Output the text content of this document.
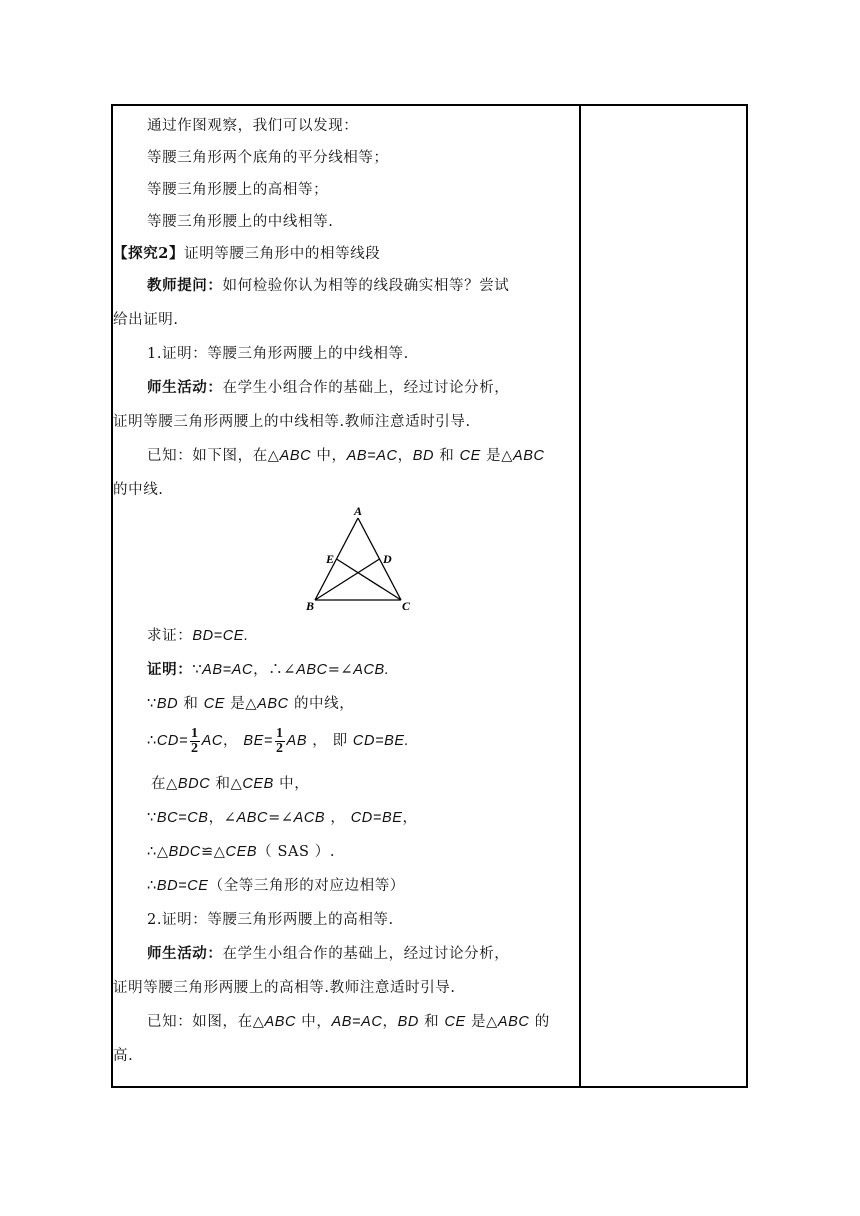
通过作图观察，我们可以发现：
等腰三角形两个底角的平分线相等；
等腰三角形腰上的高相等；
等腰三角形腰上的中线相等.
【探究2】证明等腰三角形中的相等线段
教师提问：如何检验你认为相等的线段确实相等？尝试
给出证明.
1.证明：等腰三角形两腰上的中线相等.
师生活动：在学生小组合作的基础上，经过讨论分析，
证明等腰三角形两腰上的中线相等.教师注意适时引导.
已知：如下图，在△ABC 中，AB=AC，BD 和 CE 是△ABC
的中线.
A
B	C
D
E
求证：BD=CE.
证明：∵AB=AC，∴∠ABC=∠ACB.
∵BD 和 CE 是△ABC 的中线，
∴CD= $\frac{1}{2}$ AC， $BE= \frac{1}{2}$ AB ， 即 CD=BE.
在△BDC 和△CEB 中，
∵BC=CB，∠ABC=∠ACB ， CD=BE，
∴△BDC≌△CEB（ SAS ）.
∴BD=CE（全等三角形的对应边相等）
2.证明：等腰三角形两腰上的高相等.
师生活动：在学生小组合作的基础上，经过讨论分析，
证明等腰三角形两腰上的高相等.教师注意适时引导.
已知：如图，在△ABC 中，AB=AC，BD 和 CE 是△ABC 的
高.
